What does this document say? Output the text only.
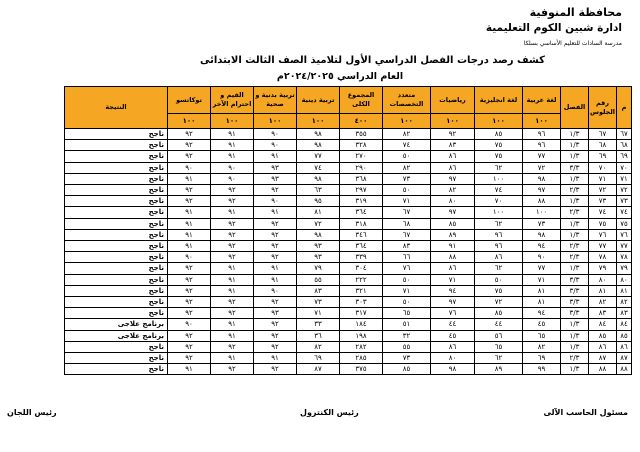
محافظة المنوفية
ادارة شبين الكوم التعليمية
مدرسة السادات للتعليم الأساسي بسلكا
كشف رصد درجات الفصل الدراسي الأول لتلاميذ الصف الثالث الابتدائى
العام الدراسي ٢٠٢٤/٢٠٢٥م
م	رقم الجلوس	الفصل	لغة عربية	لغة انجليزية	رياضيات	متعدد التخصصات	المجموع الكلى	تربية دينية	تربية بدنية و صحية	القيم و احترام الآخر	توكاتسو	النتيجة
			١٠٠	١٠٠	١٠٠	١٠٠	٤٠٠	١٠٠	١٠٠	١٠٠	١٠٠	
٦٧	٦٧	١/٣	٩٦	٨٥	٩٢	٨٢	٣٥٥	٩٨	٩٠	٩١	٩٢	ناجح
٦٨	٦٨	١/٣	٩٦	٧٥	٨٣	٧٤	٣٢٨	٩٨	٩٠	٩١	٩٢	ناجح
٦٩	٦٩	١/٣	٧٧	٧٥	٨٦	٥٠	٢٧٠	٧٧	٩١	٩١	٩٢	ناجح
٧٠	٧٠	٣/٣	٧٢	٦٢	٨٦	٨٢	٢٩٠	٧٤	٩٣	٩٠	٩٠	ناجح
٧١	٧١	١/٣	٩٨	١٠٠	٩٧	٧٣	٣٦٨	٩٨	٩٣	٩٠	٩١	ناجح
٧٢	٧٢	٢/٣	٩٧	٧٤	٨٢	٥٠	٢٩٧	٦٣	٩٢	٩٢	٩٢	ناجح
٧٣	٧٣	١/٣	٨٨	٧٠	٨٠	٧١	٣١٩	٩٥	٩٠	٩٢	٩٢	ناجح
٧٤	٧٤	٢/٣	١٠٠	١٠٠	٩٧	٦٧	٣٦٤	٨١	٩١	٩١	٩١	ناجح
٧٥	٧٥	١/٣	٧٣	٦٢	٨٥	٦٨	٣١٨	٧٢	٩٢	٩٢	٩١	ناجح
٧٦	٧٦	١/٣	٩٨	٩٦	٨٩	٦٧	٣٤٦	٩٨	٩٢	٩٢	٩١	ناجح
٧٧	٧٧	٢/٣	٩٤	٩٦	٩١	٨٣	٣٦٤	٩٣	٩٢	٩٢	٩١	ناجح
٧٨	٧٨	٢/٣	٩٠	٨٦	٨٨	٦٦	٣٣٩	٩٣	٩٢	٩٢	٩٠	ناجح
٧٩	٧٩	١/٣	٧٧	٦٢	٨٦	٧٦	٣٠٤	٧٩	٩١	٩١	٩٢	ناجح
٨٠	٨٠	٣/٣	٧١	٥٠	٧١	٥٠	٢٢٢	٥٥	٩١	٩١	٩٢	ناجح
٨١	٨١	٣/٣	٨١	٧٥	٩٤	٧١	٣٢١	٨٣	٩٠	٩١	٩٢	ناجح
٨٢	٨٢	٣/٣	٨١	٧٢	٩٧	٥٠	٣٠٣	٧٣	٩٢	٩٢	٩٢	ناجح
٨٣	٨٣	٣/٣	٩٤	٨٥	٧٦	٦٥	٣١٧	٧١	٩٣	٩٢	٩٢	ناجح
٨٤	٨٤	١/٣	٤٥	٤٤	٤٤	٥١	١٨٤	٣٣	٩٢	٩١	٩٠	برنامج علاجى
٨٥	٨٥	١/٣	٦٥	٥٦	٤٥	٣٢	١٩٨	٣٦	٩٢	٩١	٩٢	برنامج علاجى
٨٦	٨٦	١/٣	٨٢	٦٥	٨٦	٥٥	٢٨٢	٨٢	٩٢	٩٢	٩٢	ناجح
٨٧	٨٧	٢/٣	٦٩	٦٢	٨٠	٧٣	٢٨٥	٦٩	٩١	٩١	٩٢	ناجح
٨٨	٨٨	١/٣	٩٩	٨٩	٩٨	٨٥	٣٧٥	٨٧	٩٢	٩٢	٩١	ناجح
رئيس اللجان	رئيس الكنترول	مسئول الحاسب الآلى
